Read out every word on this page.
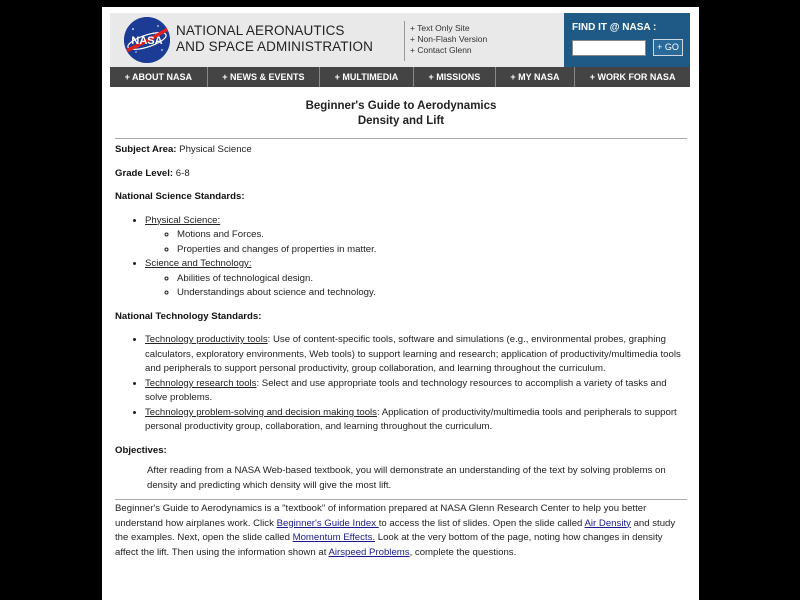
NASA
NATIONAL AERONAUTICS
AND SPACE ADMINISTRATION
+ Text Only Site
+ Non-Flash Version
+ Contact Glenn
FIND IT @ NASA :
+ GO
+ ABOUT NASA	+ NEWS & EVENTS	+ MULTIMEDIA	+ MISSIONS	+ MY NASA	+ WORK FOR NASA
Beginner's Guide to Aerodynamics
Density and Lift

Subject Area: Physical Science

Grade Level: 6-8

National Science Standards:

• Physical Science:
◦ Motions and Forces.
◦ Properties and changes of properties in matter.
• Science and Technology:
◦ Abilities of technological design.
◦ Understandings about science and technology.

National Technology Standards:

• Technology productivity tools: Use of content-specific tools, software and simulations (e.g., environmental probes, graphing calculators, exploratory environments, Web tools) to support learning and research; application of productivity/multimedia tools and peripherals to support personal productivity, group collaboration, and learning throughout the curriculum.
• Technology research tools: Select and use appropriate tools and technology resources to accomplish a variety of tasks and solve problems.
• Technology problem-solving and decision making tools: Application of productivity/multimedia tools and peripherals to support personal productivity group, collaboration, and learning throughout the curriculum.

Objectives:

After reading from a NASA Web-based textbook, you will demonstrate an understanding of the text by solving problems on density and predicting which density will give the most lift.

Beginner's Guide to Aerodynamics is a "textbook" of information prepared at NASA Glenn Research Center to help you better understand how airplanes work. Click Beginner's Guide Index to access the list of slides. Open the slide called Air Density and study the examples. Next, open the slide called Momentum Effects. Look at the very bottom of the page, noting how changes in density affect the lift. Then using the information shown at Airspeed Problems, complete the questions.
